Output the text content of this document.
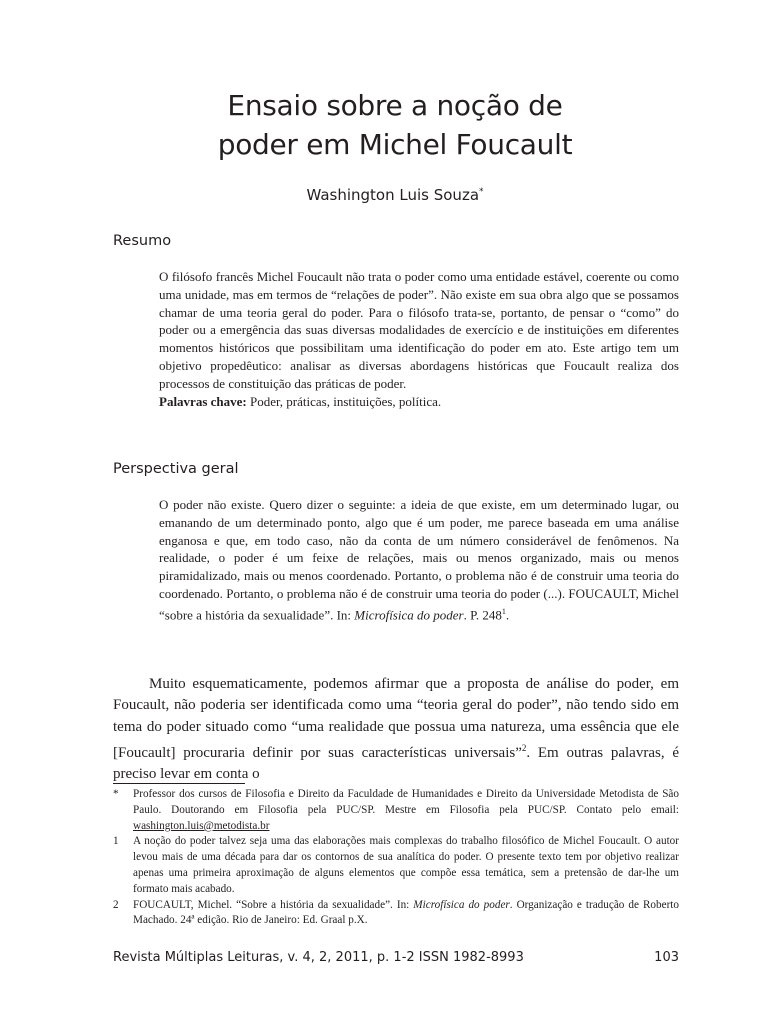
Ensaio sobre a noção de
poder em Michel Foucault
Washington Luis Souza*
Resumo

O filósofo francês Michel Foucault não trata o poder como uma entidade estável, coerente ou como uma unidade, mas em termos de “relações de poder”. Não existe em sua obra algo que se possamos chamar de uma teoria geral do poder. Para o filósofo trata-se, portanto, de pensar o “como” do poder ou a emergência das suas diversas modalidades de exercício e de instituições em diferentes momentos históricos que possibilitam uma identificação do poder em ato. Este artigo tem um objetivo propedêutico: analisar as diversas abordagens históricas que Foucault realiza dos processos de constituição das práticas de poder.

Palavras chave: Poder, práticas, instituições, política.

Perspectiva geral

O poder não existe. Quero dizer o seguinte: a ideia de que existe, em um determinado lugar, ou emanando de um determinado ponto, algo que é um poder, me parece baseada em uma análise enganosa e que, em todo caso, não da conta de um número considerável de fenômenos. Na realidade, o poder é um feixe de relações, mais ou menos organizado, mais ou menos piramidalizado, mais ou menos coordenado. Portanto, o problema não é de construir uma teoria do coordenado. Portanto, o problema não é de construir uma teoria do poder (...). FOUCAULT, Michel “sobre a história da sexualidade”. In: Microfísica do poder. P. $248^1$.

Muito esquematicamente, podemos afirmar que a proposta de análise do poder, em Foucault, não poderia ser identificada como uma “teoria geral do poder”, não tendo sido em tema do poder situado como “uma realidade que possua uma natureza, uma essência que ele [Foucault] procuraria definir por suas características universais”$^2$. Em outras palavras, é preciso levar em conta o

* Professor dos cursos de Filosofia e Direito da Faculdade de Humanidades e Direito da Universidade Metodista de São Paulo. Doutorando em Filosofia pela PUC/SP. Mestre em Filosofia pela PUC/SP. Contato pelo email: washington.luis@metodista.br

1 A noção do poder talvez seja uma das elaborações mais complexas do trabalho filosófico de Michel Foucault. O autor levou mais de uma década para dar os contornos de sua analítica do poder. O presente texto tem por objetivo realizar apenas uma primeira aproximação de alguns elementos que compõe essa temática, sem a pretensão de dar-lhe um formato mais acabado.

2 FOUCAULT, Michel. “Sobre a história da sexualidade”. In: Microfísica do poder. Organização e tradução de Roberto Machado. 24ª edição. Rio de Janeiro: Ed. Graal p.X.

Revista Múltiplas Leituras, v. 4, 2, 2011, p. 1-2 ISSN 1982-8993	103
